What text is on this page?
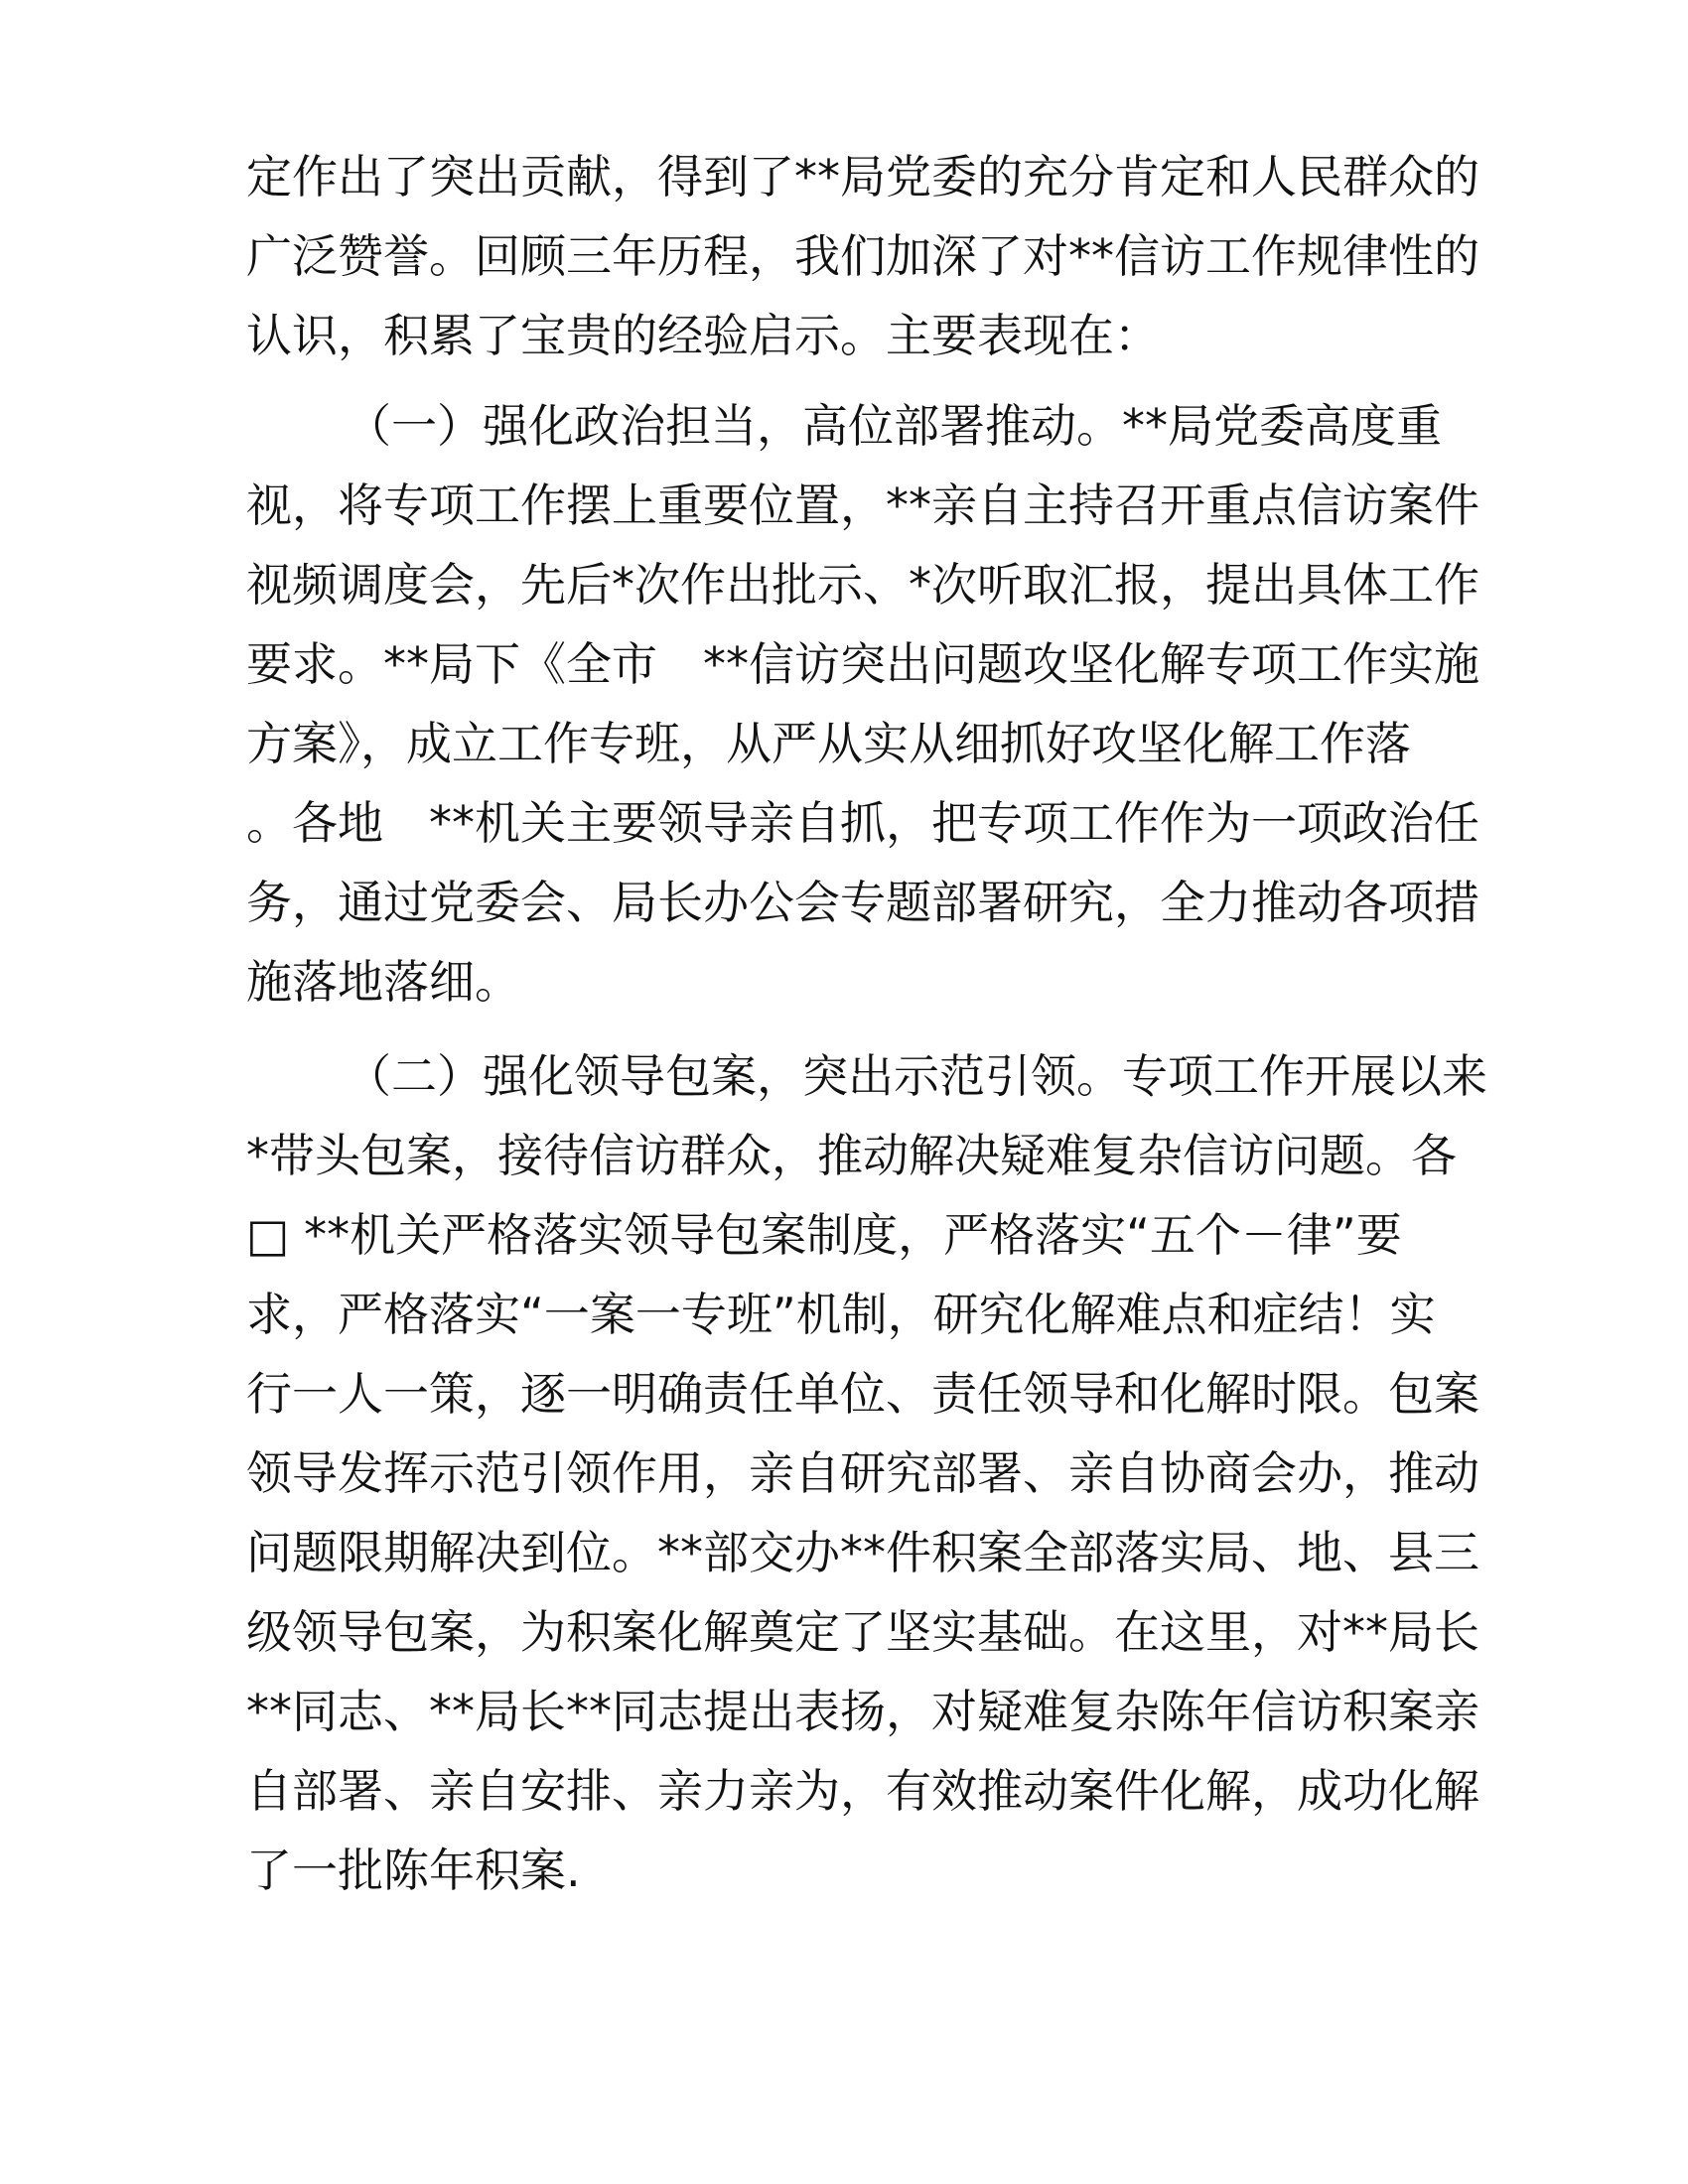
定作出了突出贡献，得到了**局党委的充分肯定和人民群众的
广泛赞誉。回顾三年历程，我们加深了对**信访工作规律性的
认识，积累了宝贵的经验启示。主要表现在：
（一）强化政治担当，高位部署推动。**局党委高度重
视，将专项工作摆上重要位置，**亲自主持召开重点信访案件
视频调度会，先后*次作出批示、*次听取汇报，提出具体工作
要求。**局下《全市　**信访突出问题攻坚化解专项工作实施
方案》，成立工作专班，从严从实从细抓好攻坚化解工作落
。各地　**机关主要领导亲自抓，把专项工作作为一项政治任
务，通过党委会、局长办公会专题部署研究，全力推动各项措
施落地落细。
（二）强化领导包案，突出示范引领。专项工作开展以来
*带头包案，接待信访群众，推动解决疑难复杂信访问题。各
□ **机关严格落实领导包案制度，严格落实“五个－律”要
求，严格落实“一案一专班”机制，研究化解难点和症结！实
行一人一策，逐一明确责任单位、责任领导和化解时限。包案
领导发挥示范引领作用，亲自研究部署、亲自协商会办，推动
问题限期解决到位。**部交办**件积案全部落实局、地、县三
级领导包案，为积案化解奠定了坚实基础。在这里，对**局长
**同志、**局长**同志提出表扬，对疑难复杂陈年信访积案亲
自部署、亲自安排、亲力亲为，有效推动案件化解，成功化解
了一批陈年积案.
